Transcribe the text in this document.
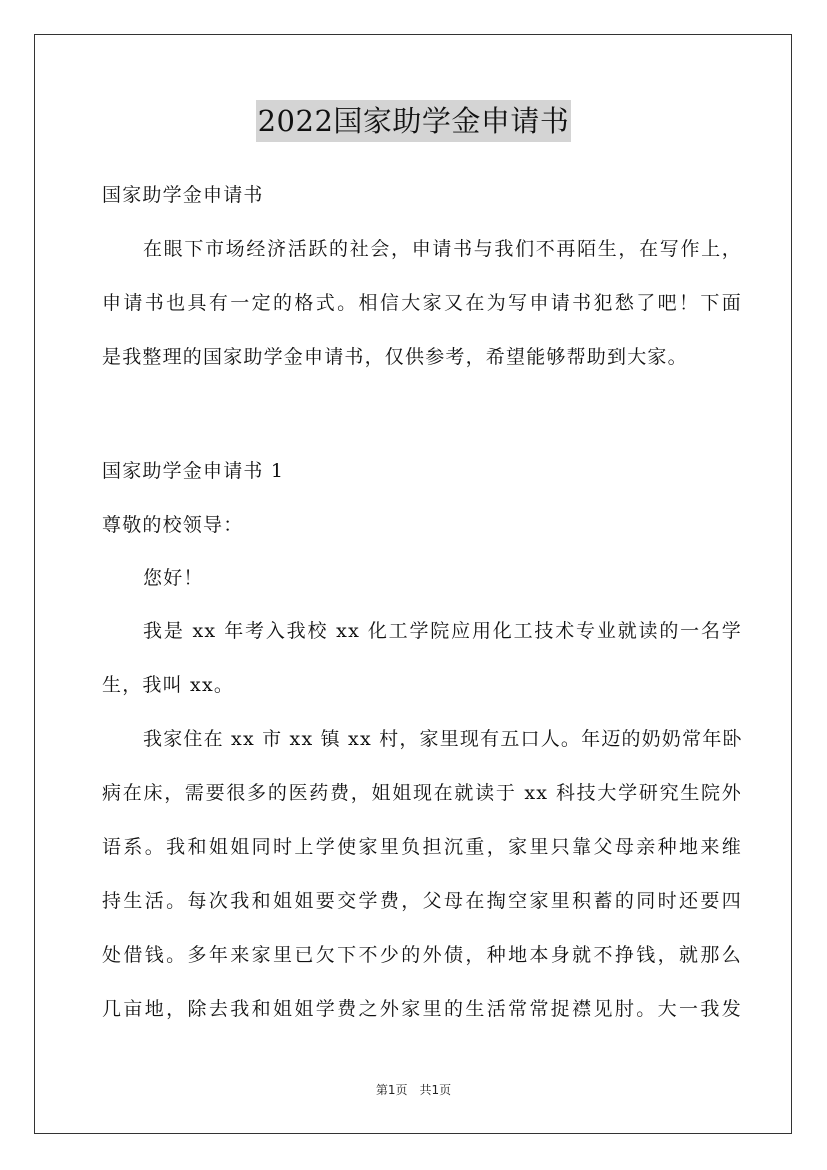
2022国家助学金申请书
国家助学金申请书
在眼下市场经济活跃的社会，申请书与我们不再陌生，在写作上，
申请书也具有一定的格式。相信大家又在为写申请书犯愁了吧！下面
是我整理的国家助学金申请书，仅供参考，希望能够帮助到大家。
国家助学金申请书 1
尊敬的校领导：
您好！
我是 xx 年考入我校 xx 化工学院应用化工技术专业就读的一名学
生，我叫 xx。
我家住在 xx 市 xx 镇 xx 村，家里现有五口人。年迈的奶奶常年卧
病在床，需要很多的医药费，姐姐现在就读于 xx 科技大学研究生院外
语系。我和姐姐同时上学使家里负担沉重，家里只靠父母亲种地来维
持生活。每次我和姐姐要交学费，父母在掏空家里积蓄的同时还要四
处借钱。多年来家里已欠下不少的外债，种地本身就不挣钱，就那么
几亩地，除去我和姐姐学费之外家里的生活常常捉襟见肘。大一我发
第1页 共1页
